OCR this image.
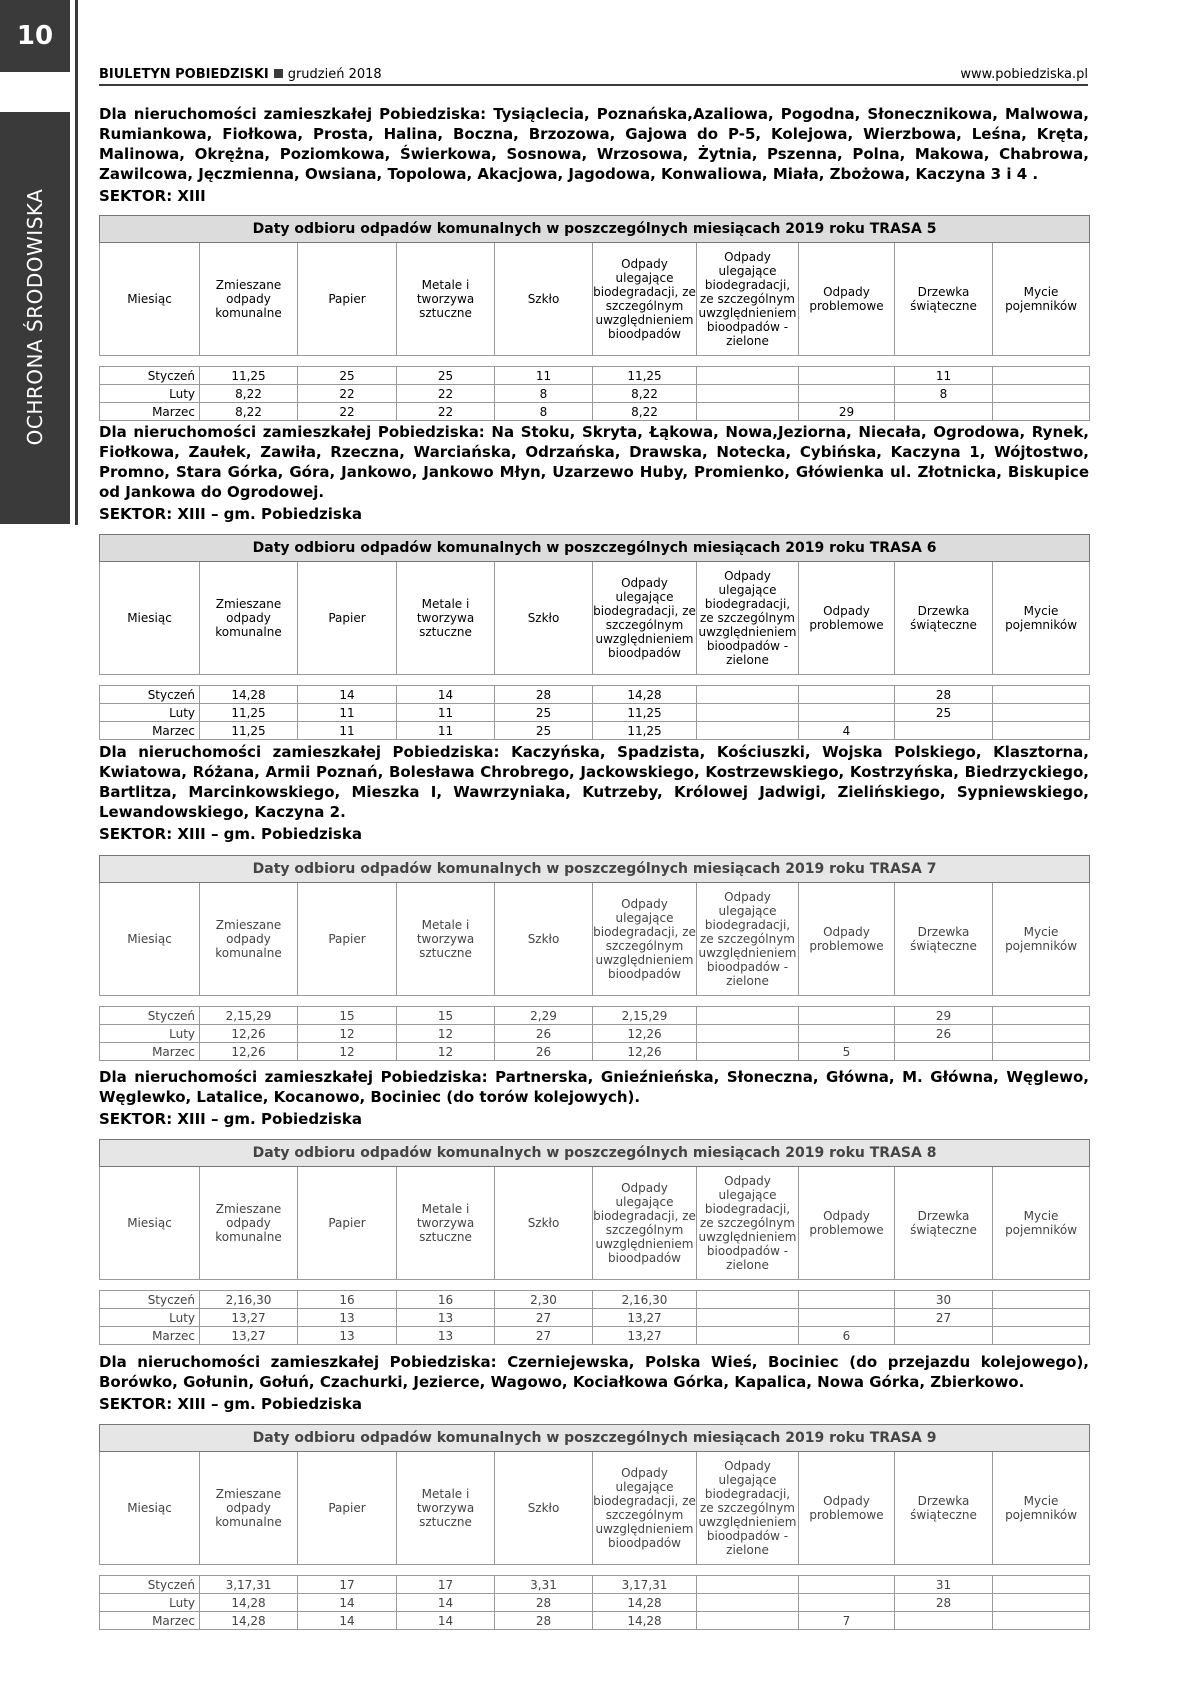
10
OCHRONA ŚRODOWISKA
BIULETYN POBIEDZISKI grudzień 2018	www.pobiedziska.pl
Dla nieruchomości zamieszkałej Pobiedziska: Tysiąclecia, Poznańska,Azaliowa, Pogodna, Słonecznikowa, Malwowa, Rumiankowa, Fiołkowa, Prosta, Halina, Boczna, Brzozowa, Gajowa do P-5, Kolejowa, Wierzbowa, Leśna, Kręta, Malinowa, Okrężna, Poziomkowa, Świerkowa, Sosnowa, Wrzosowa, Żytnia, Pszenna, Polna, Makowa, Chabrowa, Zawilcowa, Jęczmienna, Owsiana, Topolowa, Akacjowa, Jagodowa, Konwaliowa, Miała, Zbożowa, Kaczyna 3 i 4 .
SEKTOR: XIII
Daty odbioru odpadów komunalnych w poszczególnych miesiącach 2019 roku TRASA 5									
Miesiąc	Zmieszane odpady komunalne	Papier	Metale i tworzywa sztuczne	Szkło	Odpady ulegające biodegradacji, ze szczególnym uwzględnieniem bioodpadów	Odpady ulegające biodegradacji, ze szczególnym uwzględnieniem bioodpadów - zielone	Odpady problemowe	Drzewka świąteczne	Mycie pojemników

Styczeń	11,25	25	25	11	11,25			11	
Luty	8,22	22	22	8	8,22			8	
Marzec	8,22	22	22	8	8,22		29		
Dla nieruchomości zamieszkałej Pobiedziska: Na Stoku, Skryta, Łąkowa, Nowa,Jeziorna, Niecała, Ogrodowa, Rynek, Fiołkowa, Zaułek, Zawiła, Rzeczna, Warciańska, Odrzańska, Drawska, Notecka, Cybińska, Kaczyna 1, Wójtostwo, Promno, Stara Górka, Góra, Jankowo, Jankowo Młyn, Uzarzewo Huby, Promienko, Główienka ul. Złotnicka, Biskupice od Jankowa do Ogrodowej.
SEKTOR: XIII – gm. Pobiedziska
Daty odbioru odpadów komunalnych w poszczególnych miesiącach 2019 roku TRASA 6									
Miesiąc	Zmieszane odpady komunalne	Papier	Metale i tworzywa sztuczne	Szkło	Odpady ulegające biodegradacji, ze szczególnym uwzględnieniem bioodpadów	Odpady ulegające biodegradacji, ze szczególnym uwzględnieniem bioodpadów - zielone	Odpady problemowe	Drzewka świąteczne	Mycie pojemników

Styczeń	14,28	14	14	28	14,28			28	
Luty	11,25	11	11	25	11,25			25	
Marzec	11,25	11	11	25	11,25		4		
Dla nieruchomości zamieszkałej Pobiedziska: Kaczyńska, Spadzista, Kościuszki, Wojska Polskiego, Klasztorna, Kwiatowa, Różana, Armii Poznań, Bolesława Chrobrego, Jackowskiego, Kostrzewskiego, Kostrzyńska, Biedrzyckiego, Bartlitza, Marcinkowskiego, Mieszka I, Wawrzyniaka, Kutrzeby, Królowej Jadwigi, Zielińskiego, Sypniewskiego, Lewandowskiego, Kaczyna 2.
SEKTOR: XIII – gm. Pobiedziska
Daty odbioru odpadów komunalnych w poszczególnych miesiącach 2019 roku TRASA 7									
Miesiąc	Zmieszane odpady komunalne	Papier	Metale i tworzywa sztuczne	Szkło	Odpady ulegające biodegradacji, ze szczególnym uwzględnieniem bioodpadów	Odpady ulegające biodegradacji, ze szczególnym uwzględnieniem bioodpadów - zielone	Odpady problemowe	Drzewka świąteczne	Mycie pojemników

Styczeń	2,15,29	15	15	2,29	2,15,29			29	
Luty	12,26	12	12	26	12,26			26	
Marzec	12,26	12	12	26	12,26		5		
Dla nieruchomości zamieszkałej Pobiedziska: Partnerska, Gnieźnieńska, Słoneczna, Główna, M. Główna, Węglewo, Węglewko, Latalice, Kocanowo, Bociniec (do torów kolejowych).
SEKTOR: XIII – gm. Pobiedziska
Daty odbioru odpadów komunalnych w poszczególnych miesiącach 2019 roku TRASA 8									
Miesiąc	Zmieszane odpady komunalne	Papier	Metale i tworzywa sztuczne	Szkło	Odpady ulegające biodegradacji, ze szczególnym uwzględnieniem bioodpadów	Odpady ulegające biodegradacji, ze szczególnym uwzględnieniem bioodpadów - zielone	Odpady problemowe	Drzewka świąteczne	Mycie pojemników

Styczeń	2,16,30	16	16	2,30	2,16,30			30	
Luty	13,27	13	13	27	13,27			27	
Marzec	13,27	13	13	27	13,27		6		
Dla nieruchomości zamieszkałej Pobiedziska: Czerniejewska, Polska Wieś, Bociniec (do przejazdu kolejowego), Borówko, Gołunin, Gołuń, Czachurki, Jezierce, Wagowo, Kociałkowa Górka, Kapalica, Nowa Górka, Zbierkowo.
SEKTOR: XIII – gm. Pobiedziska
Daty odbioru odpadów komunalnych w poszczególnych miesiącach 2019 roku TRASA 9									
Miesiąc	Zmieszane odpady komunalne	Papier	Metale i tworzywa sztuczne	Szkło	Odpady ulegające biodegradacji, ze szczególnym uwzględnieniem bioodpadów	Odpady ulegające biodegradacji, ze szczególnym uwzględnieniem bioodpadów - zielone	Odpady problemowe	Drzewka świąteczne	Mycie pojemników

Styczeń	3,17,31	17	17	3,31	3,17,31			31	
Luty	14,28	14	14	28	14,28			28	
Marzec	14,28	14	14	28	14,28		7		
